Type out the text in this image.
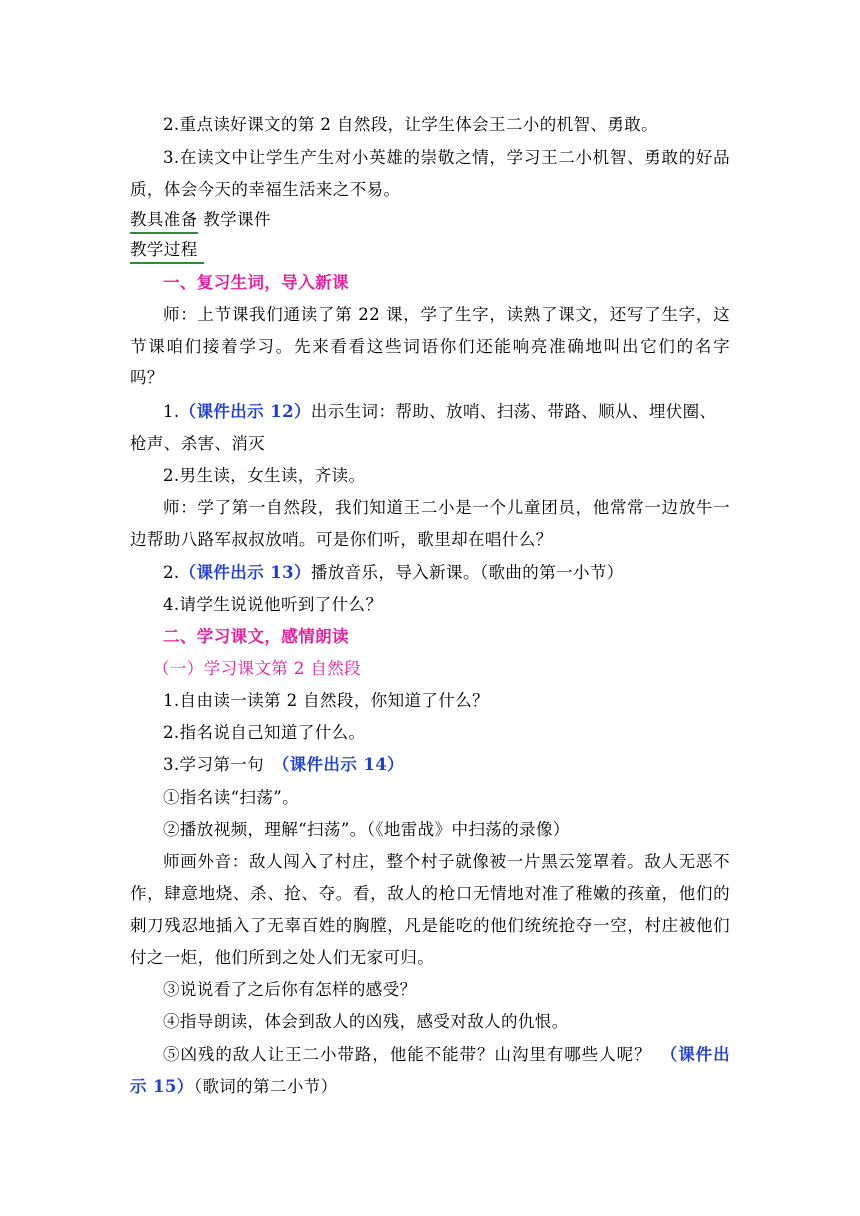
2.重点读好课文的第 2 自然段，让学生体会王二小的机智、勇敢。
3.在读文中让学生产生对小英雄的崇敬之情，学习王二小机智、勇敢的好品
质，体会今天的幸福生活来之不易。
教具准备 教学课件
教学过程
一、复习生词，导入新课
师：上节课我们通读了第 22 课，学了生字，读熟了课文，还写了生字，这
节课咱们接着学习。先来看看这些词语你们还能响亮准确地叫出它们的名字
吗？
1.（课件出示 12）出示生词：帮助、放哨、扫荡、带路、顺从、埋伏圈、
枪声、杀害、消灭
2.男生读，女生读，齐读。
师：学了第一自然段，我们知道王二小是一个儿童团员，他常常一边放牛一
边帮助八路军叔叔放哨。可是你们听，歌里却在唱什么？
2.（课件出示 13）播放音乐，导入新课。（歌曲的第一小节）
4.请学生说说他听到了什么？
二、学习课文，感情朗读
（一）学习课文第 2 自然段
1.自由读一读第 2 自然段，你知道了什么？
2.指名说自己知道了什么。
3.学习第一句　（课件出示 14）
①指名读“扫荡”。
②播放视频，理解“扫荡”。（《地雷战》中扫荡的录像）
师画外音：敌人闯入了村庄，整个村子就像被一片黑云笼罩着。敌人无恶不
作，肆意地烧、杀、抢、夺。看，敌人的枪口无情地对准了稚嫩的孩童，他们的
刺刀残忍地插入了无辜百姓的胸膛，凡是能吃的他们统统抢夺一空，村庄被他们
付之一炬，他们所到之处人们无家可归。
③说说看了之后你有怎样的感受？
④指导朗读，体会到敌人的凶残，感受对敌人的仇恨。
⑤凶残的敌人让王二小带路，他能不能带？山沟里有哪些人呢？　（课件出
示 15）（歌词的第二小节）
